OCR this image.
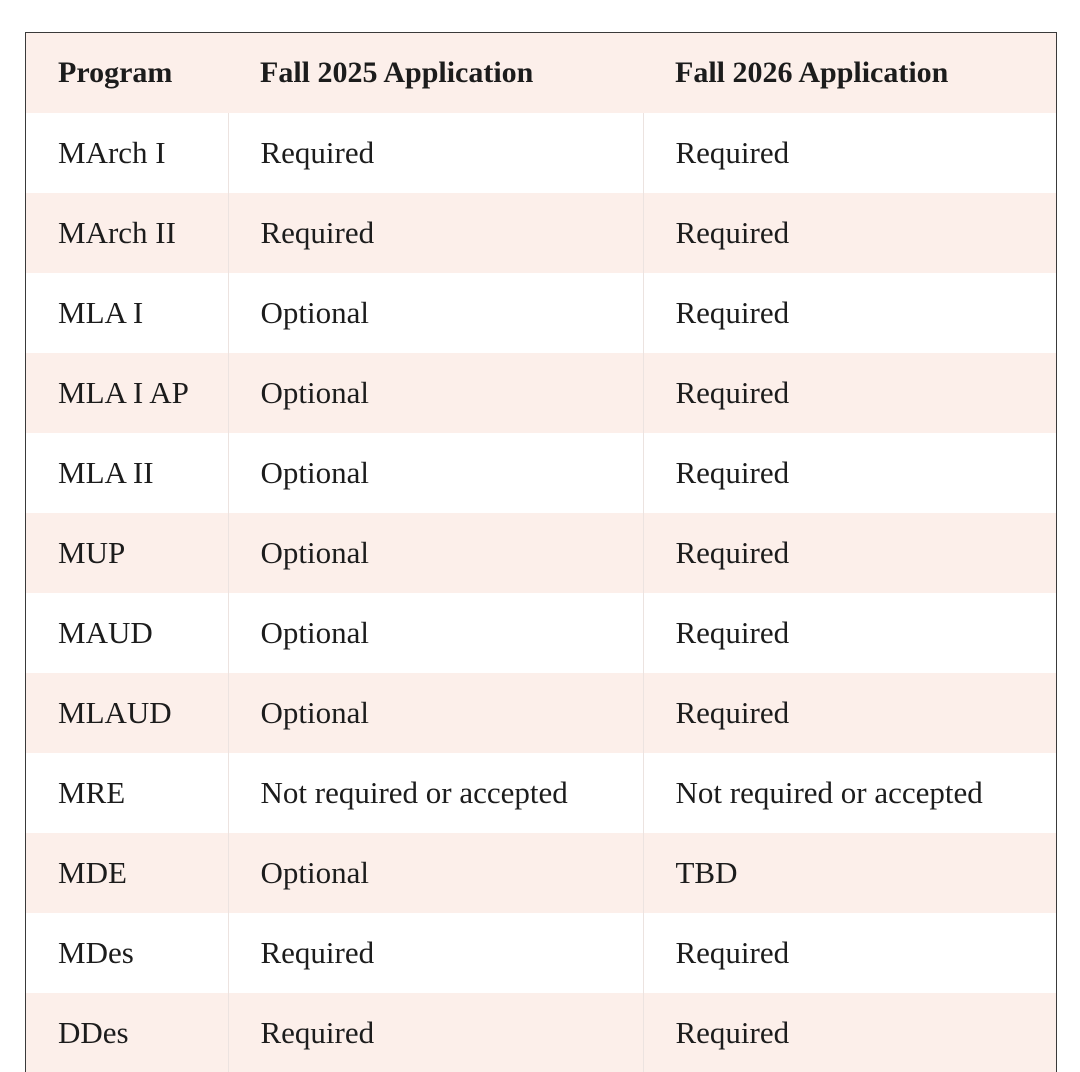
Program	Fall 2025 Application	Fall 2026 Application
MArch I	Required	Required
MArch II	Required	Required
MLA I	Optional	Required
MLA I AP	Optional	Required
MLA II	Optional	Required
MUP	Optional	Required
MAUD	Optional	Required
MLAUD	Optional	Required
MRE	Not required or accepted	Not required or accepted
MDE	Optional	TBD
MDes	Required	Required
DDes	Required	Required
